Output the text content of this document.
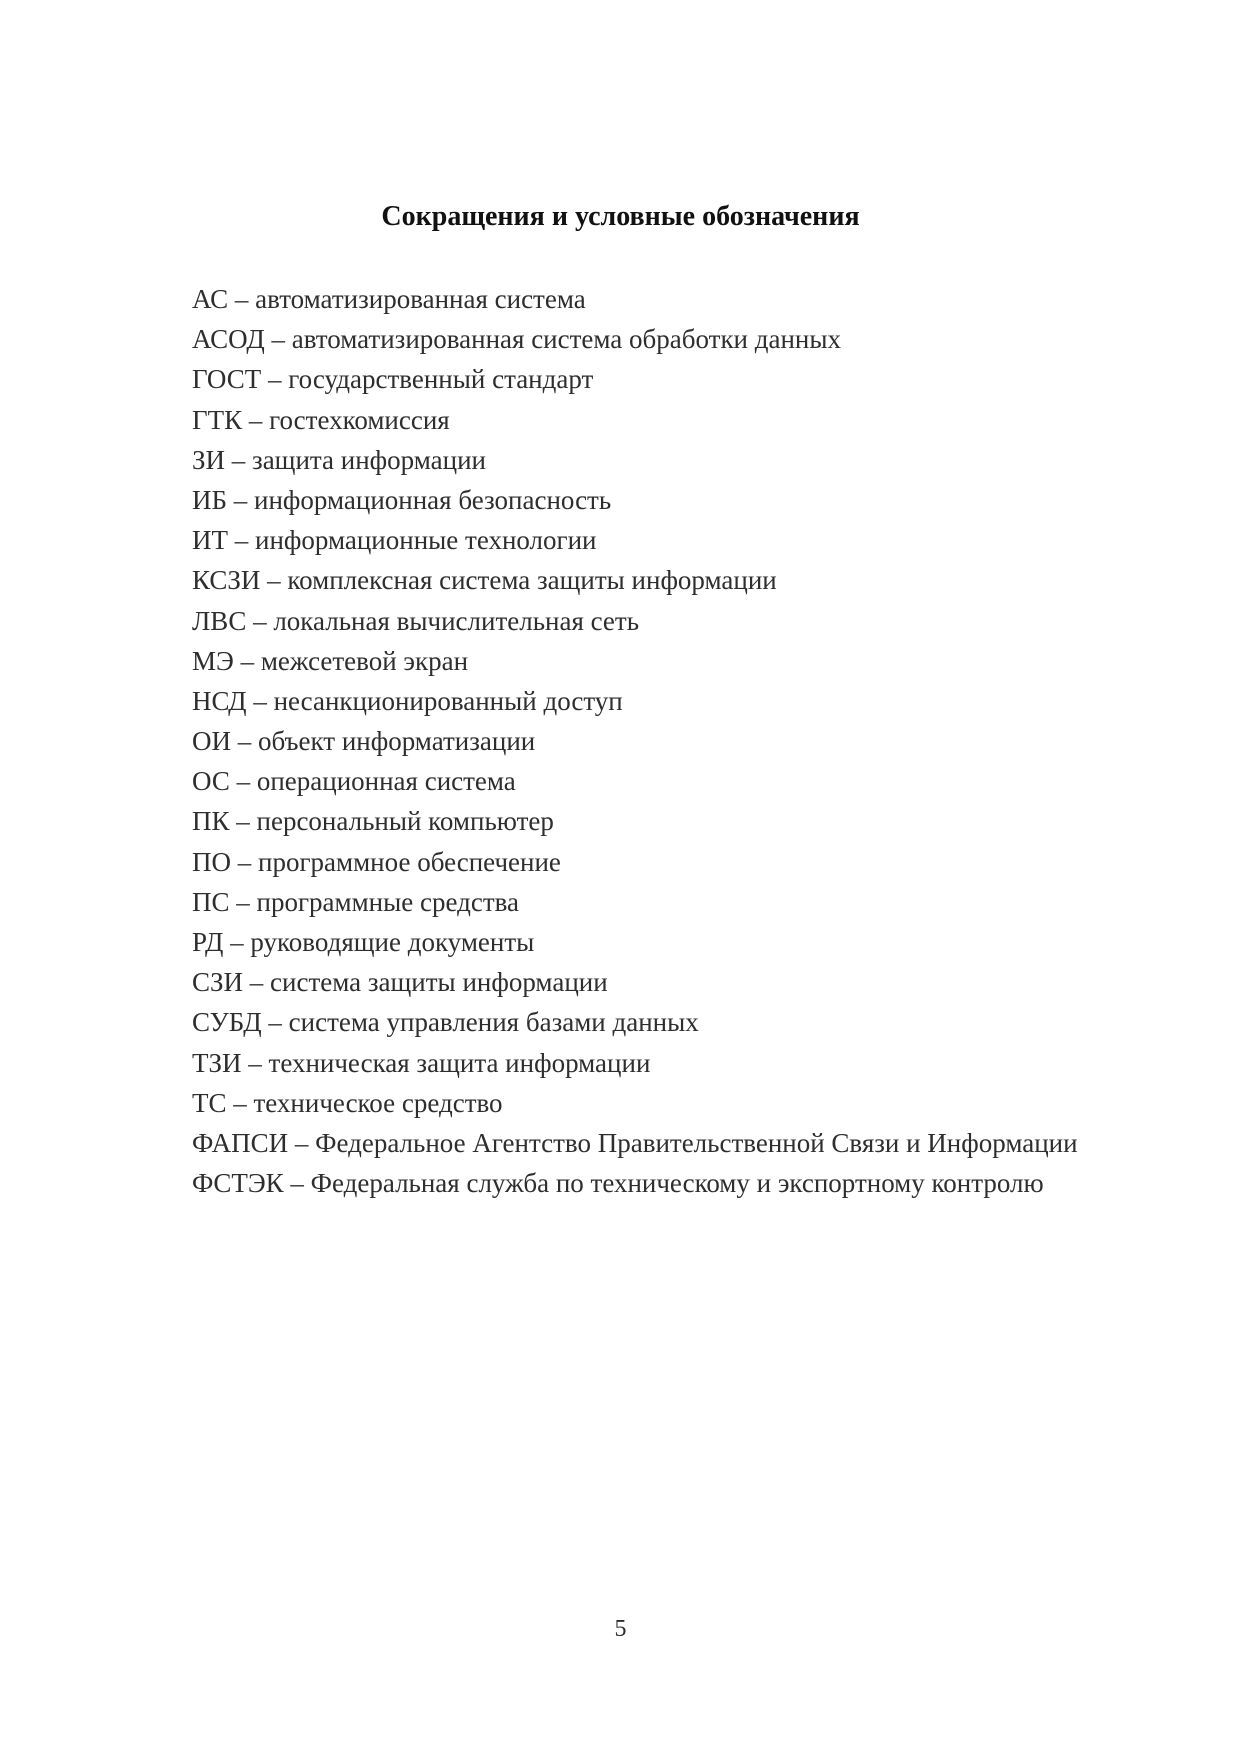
Сокращения и условные обозначения
АС – автоматизированная система
АСОД – автоматизированная система обработки данных
ГОСТ – государственный стандарт
ГТК – гостехкомиссия
ЗИ – защита информации
ИБ – информационная безопасность
ИТ – информационные технологии
КСЗИ – комплексная система защиты информации
ЛВС – локальная вычислительная сеть
МЭ – межсетевой экран
НСД – несанкционированный доступ
ОИ – объект информатизации
ОС – операционная система
ПК – персональный компьютер
ПО – программное обеспечение
ПС – программные средства
РД – руководящие документы
СЗИ – система защиты информации
СУБД – система управления базами данных
ТЗИ – техническая защита информации
ТС – техническое средство
ФАПСИ – Федеральное Агентство Правительственной Связи и Информации
ФСТЭК – Федеральная служба по техническому и экспортному контролю
5
